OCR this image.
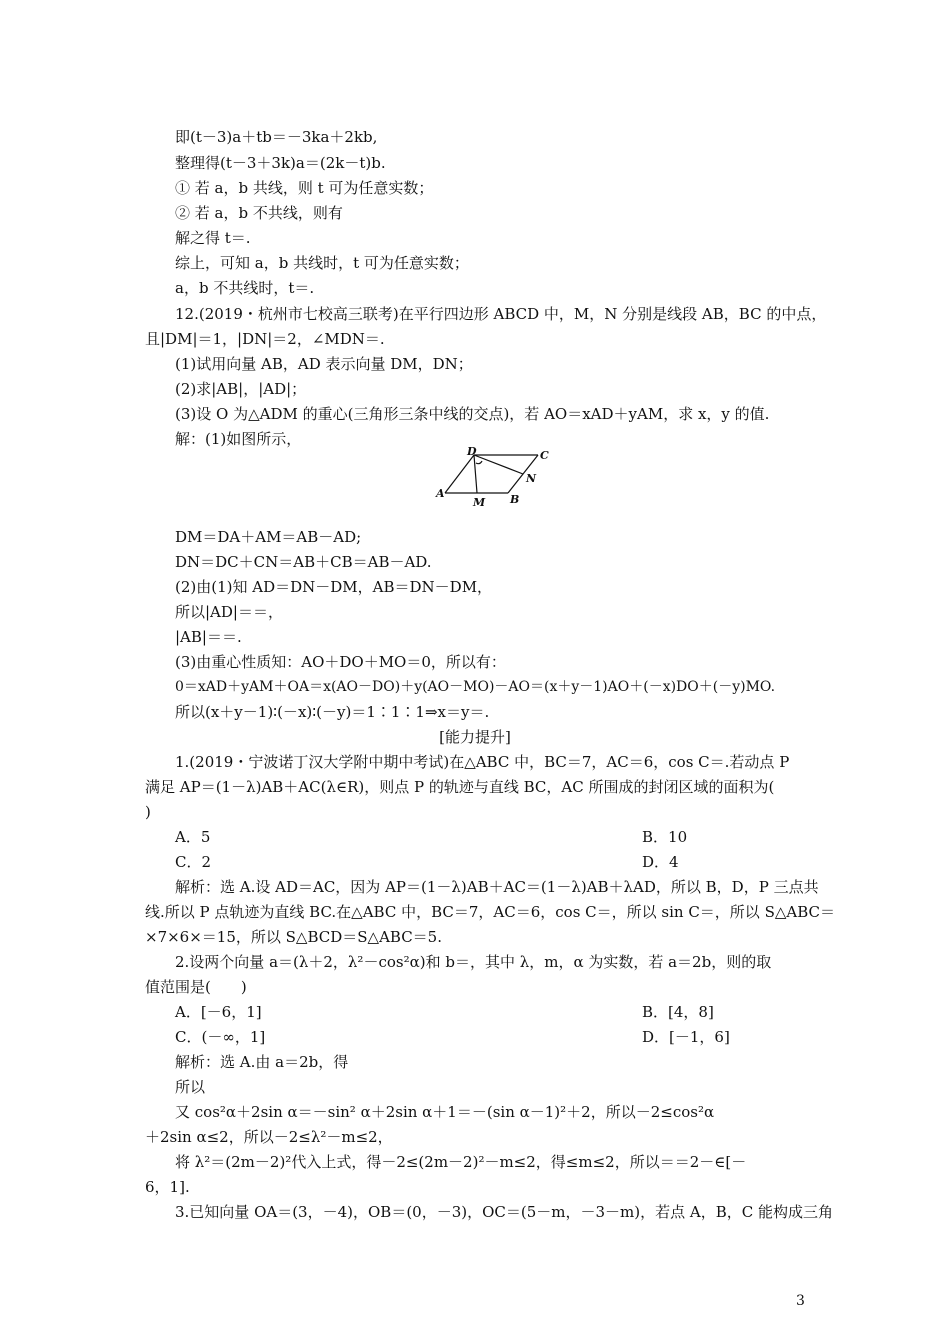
即(t－3)a＋tb＝－3ka＋2kb,
整理得(t－3＋3k)a＝(2k－t)b.
① 若 a，b 共线，则 t 可为任意实数；
② 若 a，b 不共线，则有
解之得 t＝.
综上，可知 a，b 共线时，t 可为任意实数；
a，b 不共线时，t＝.
12.(2019・杭州市七校高三联考)在平行四边形 ABCD 中，M，N 分别是线段 AB，BC 的中点，
且|DM|＝1，|DN|＝2，∠MDN＝.
(1)试用向量 AB，AD 表示向量 DM，DN；
(2)求|AB|，|AD|；
(3)设 O 为△ADM 的重心(三角形三条中线的交点)，若 AO＝xAD＋yAM，求 x，y 的值.
解：(1)如图所示，
D	C
N
A
M B
DM＝DA＋AM＝AB－AD;
DN＝DC＋CN＝AB＋CB＝AB－AD.
(2)由(1)知 AD＝DN－DM，AB＝DN－DM，
所以|AD|＝＝，
|AB|＝＝.
(3)由重心性质知：AO＋DO＋MO＝0，所以有：
0＝xAD＋yAM＋OA＝x(AO－DO)＋y(AO－MO)－AO＝(x＋y－1)AO＋(－x)DO＋(－y)MO.
所以(x＋y－1)∶(－x)∶(－y)＝1∶1∶1⇒x＝y＝.
[能力提升]
1.(2019・宁波诺丁汉大学附中期中考试)在△ABC 中，BC＝7，AC＝6，cos C＝.若动点 P
满足 AP＝(1－λ)AB＋AC(λ∈R)，则点 P 的轨迹与直线 BC，AC 所围成的封闭区域的面积为(
)
A．5	B．10
C．2	D．4
解析：选 A.设 AD＝AC，因为 AP＝(1－λ)AB＋AC＝(1－λ)AB＋λAD，所以 B，D，P 三点共
线.所以 P 点轨迹为直线 BC.在△ABC 中，BC＝7，AC＝6，cos C＝，所以 sin C＝，所以 S△ABC＝
×7×6×＝15，所以 S△BCD＝S△ABC＝5.
2.设两个向量 a＝(λ＋2，λ²－cos²α)和 b＝，其中 λ，m，α 为实数，若 a＝2b，则的取
值范围是(　　)
A．[－6，1]	B．[4，8]
C．(－∞，1]	D．[－1，6]
解析：选 A.由 a＝2b，得
所以
又 cos²α＋2sin α＝－sin² α＋2sin α＋1＝－(sin α－1)²＋2，所以－2≤cos²α
＋2sin α≤2，所以－2≤λ²－m≤2，
将 λ²＝(2m－2)²代入上式，得－2≤(2m－2)²－m≤2，得≤m≤2，所以＝＝2－∈[－
6，1].
3.已知向量 OA＝(3，－4)，OB＝(0，－3)，OC＝(5－m，－3－m)，若点 A，B，C 能构成三角
3
